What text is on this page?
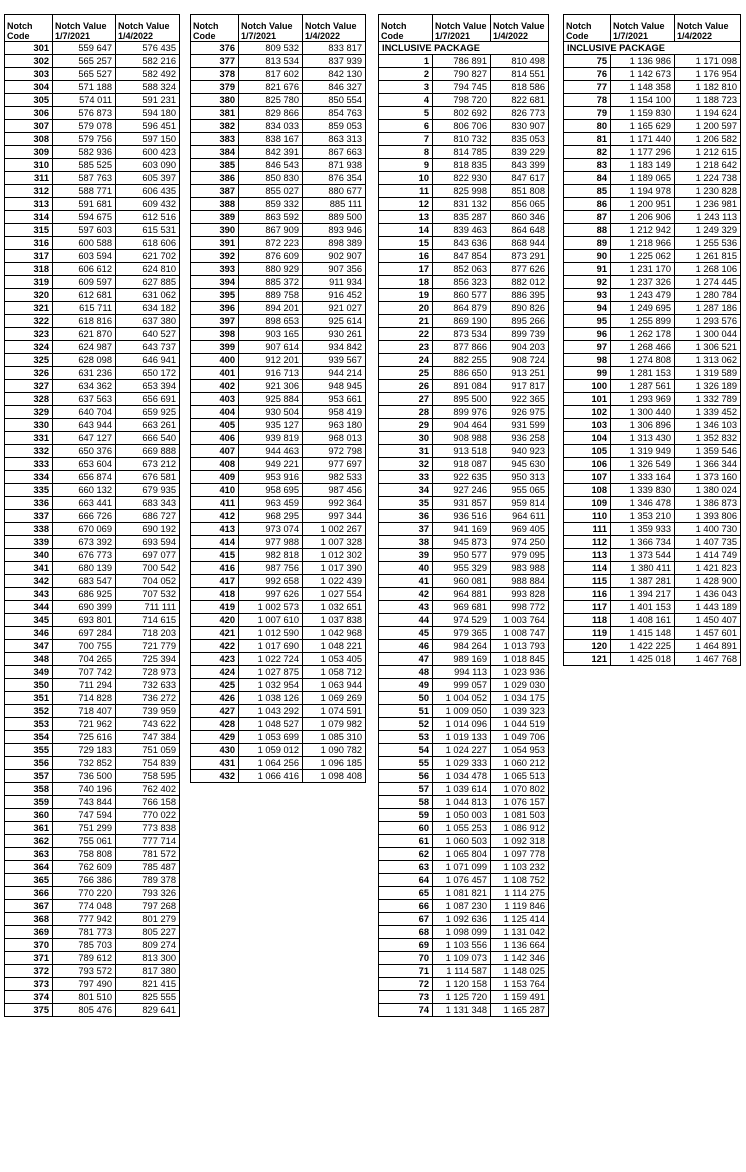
Notch Code	Notch Value 1/7/2021	Notch Value 1/4/2022
301	559 647	576 435
302	565 257	582 216
303	565 527	582 492
304	571 188	588 324
305	574 011	591 231
306	576 873	594 180
307	579 078	596 451
308	579 756	597 150
309	582 936	600 423
310	585 525	603 090
311	587 763	605 397
312	588 771	606 435
313	591 681	609 432
314	594 675	612 516
315	597 603	615 531
316	600 588	618 606
317	603 594	621 702
318	606 612	624 810
319	609 597	627 885
320	612 681	631 062
321	615 711	634 182
322	618 816	637 380
323	621 870	640 527
324	624 987	643 737
325	628 098	646 941
326	631 236	650 172
327	634 362	653 394
328	637 563	656 691
329	640 704	659 925
330	643 944	663 261
331	647 127	666 540
332	650 376	669 888
333	653 604	673 212
334	656 874	676 581
335	660 132	679 935
336	663 441	683 343
337	666 726	686 727
338	670 069	690 192
339	673 392	693 594
340	676 773	697 077
341	680 139	700 542
342	683 547	704 052
343	686 925	707 532
344	690 399	711 111
345	693 801	714 615
346	697 284	718 203
347	700 755	721 779
348	704 265	725 394
349	707 742	728 973
350	711 294	732 633
351	714 828	736 272
352	718 407	739 959
353	721 962	743 622
354	725 616	747 384
355	729 183	751 059
356	732 852	754 839
357	736 500	758 595
358	740 196	762 402
359	743 844	766 158
360	747 594	770 022
361	751 299	773 838
362	755 061	777 714
363	758 808	781 572
364	762 609	785 487
365	766 386	789 378
366	770 220	793 326
367	774 048	797 268
368	777 942	801 279
369	781 773	805 227
370	785 703	809 274
371	789 612	813 300
372	793 572	817 380
373	797 490	821 415
374	801 510	825 555
375	805 476	829 641
Notch Code	Notch Value 1/7/2021	Notch Value 1/4/2022
376	809 532	833 817
377	813 534	837 939
378	817 602	842 130
379	821 676	846 327
380	825 780	850 554
381	829 866	854 763
382	834 033	859 053
383	838 167	863 313
384	842 391	867 663
385	846 543	871 938
386	850 830	876 354
387	855 027	880 677
388	859 332	885 111
389	863 592	889 500
390	867 909	893 946
391	872 223	898 389
392	876 609	902 907
393	880 929	907 356
394	885 372	911 934
395	889 758	916 452
396	894 201	921 027
397	898 653	925 614
398	903 165	930 261
399	907 614	934 842
400	912 201	939 567
401	916 713	944 214
402	921 306	948 945
403	925 884	953 661
404	930 504	958 419
405	935 127	963 180
406	939 819	968 013
407	944 463	972 798
408	949 221	977 697
409	953 916	982 533
410	958 695	987 456
411	963 459	992 364
412	968 295	997 344
413	973 074	1 002 267
414	977 988	1 007 328
415	982 818	1 012 302
416	987 756	1 017 390
417	992 658	1 022 439
418	997 626	1 027 554
419	1 002 573	1 032 651
420	1 007 610	1 037 838
421	1 012 590	1 042 968
422	1 017 690	1 048 221
423	1 022 724	1 053 405
424	1 027 875	1 058 712
425	1 032 954	1 063 944
426	1 038 126	1 069 269
427	1 043 292	1 074 591
428	1 048 527	1 079 982
429	1 053 699	1 085 310
430	1 059 012	1 090 782
431	1 064 256	1 096 185
432	1 066 416	1 098 408
Notch Code	Notch Value 1/7/2021	Notch Value 1/4/2022
INCLUSIVE PACKAGE		
1	786 891	810 498
2	790 827	814 551
3	794 745	818 586
4	798 720	822 681
5	802 692	826 773
6	806 706	830 907
7	810 732	835 053
8	814 785	839 229
9	818 835	843 399
10	822 930	847 617
11	825 998	851 808
12	831 132	856 065
13	835 287	860 346
14	839 463	864 648
15	843 636	868 944
16	847 854	873 291
17	852 063	877 626
18	856 323	882 012
19	860 577	886 395
20	864 879	890 826
21	869 190	895 266
22	873 534	899 739
23	877 866	904 203
24	882 255	908 724
25	886 650	913 251
26	891 084	917 817
27	895 500	922 365
28	899 976	926 975
29	904 464	931 599
30	908 988	936 258
31	913 518	940 923
32	918 087	945 630
33	922 635	950 313
34	927 246	955 065
35	931 857	959 814
36	936 516	964 611
37	941 169	969 405
38	945 873	974 250
39	950 577	979 095
40	955 329	983 988
41	960 081	988 884
42	964 881	993 828
43	969 681	998 772
44	974 529	1 003 764
45	979 365	1 008 747
46	984 264	1 013 793
47	989 169	1 018 845
48	994 113	1 023 936
49	999 057	1 029 030
50	1 004 052	1 034 175
51	1 009 050	1 039 323
52	1 014 096	1 044 519
53	1 019 133	1 049 706
54	1 024 227	1 054 953
55	1 029 333	1 060 212
56	1 034 478	1 065 513
57	1 039 614	1 070 802
58	1 044 813	1 076 157
59	1 050 003	1 081 503
60	1 055 253	1 086 912
61	1 060 503	1 092 318
62	1 065 804	1 097 778
63	1 071 099	1 103 232
64	1 076 457	1 108 752
65	1 081 821	1 114 275
66	1 087 230	1 119 846
67	1 092 636	1 125 414
68	1 098 099	1 131 042
69	1 103 556	1 136 664
70	1 109 073	1 142 346
71	1 114 587	1 148 025
72	1 120 158	1 153 764
73	1 125 720	1 159 491
74	1 131 348	1 165 287
Notch Code	Notch Value 1/7/2021	Notch Value 1/4/2022
INCLUSIVE PACKAGE		
75	1 136 986	1 171 098
76	1 142 673	1 176 954
77	1 148 358	1 182 810
78	1 154 100	1 188 723
79	1 159 830	1 194 624
80	1 165 629	1 200 597
81	1 171 440	1 206 582
82	1 177 296	1 212 615
83	1 183 149	1 218 642
84	1 189 065	1 224 738
85	1 194 978	1 230 828
86	1 200 951	1 236 981
87	1 206 906	1 243 113
88	1 212 942	1 249 329
89	1 218 966	1 255 536
90	1 225 062	1 261 815
91	1 231 170	1 268 106
92	1 237 326	1 274 445
93	1 243 479	1 280 784
94	1 249 695	1 287 186
95	1 255 899	1 293 576
96	1 262 178	1 300 044
97	1 268 466	1 306 521
98	1 274 808	1 313 062
99	1 281 153	1 319 589
100	1 287 561	1 326 189
101	1 293 969	1 332 789
102	1 300 440	1 339 452
103	1 306 896	1 346 103
104	1 313 430	1 352 832
105	1 319 949	1 359 546
106	1 326 549	1 366 344
107	1 333 164	1 373 160
108	1 339 830	1 380 024
109	1 346 478	1 386 873
110	1 353 210	1 393 806
111	1 359 933	1 400 730
112	1 366 734	1 407 735
113	1 373 544	1 414 749
114	1 380 411	1 421 823
115	1 387 281	1 428 900
116	1 394 217	1 436 043
117	1 401 153	1 443 189
118	1 408 161	1 450 407
119	1 415 148	1 457 601
120	1 422 225	1 464 891
121	1 425 018	1 467 768
